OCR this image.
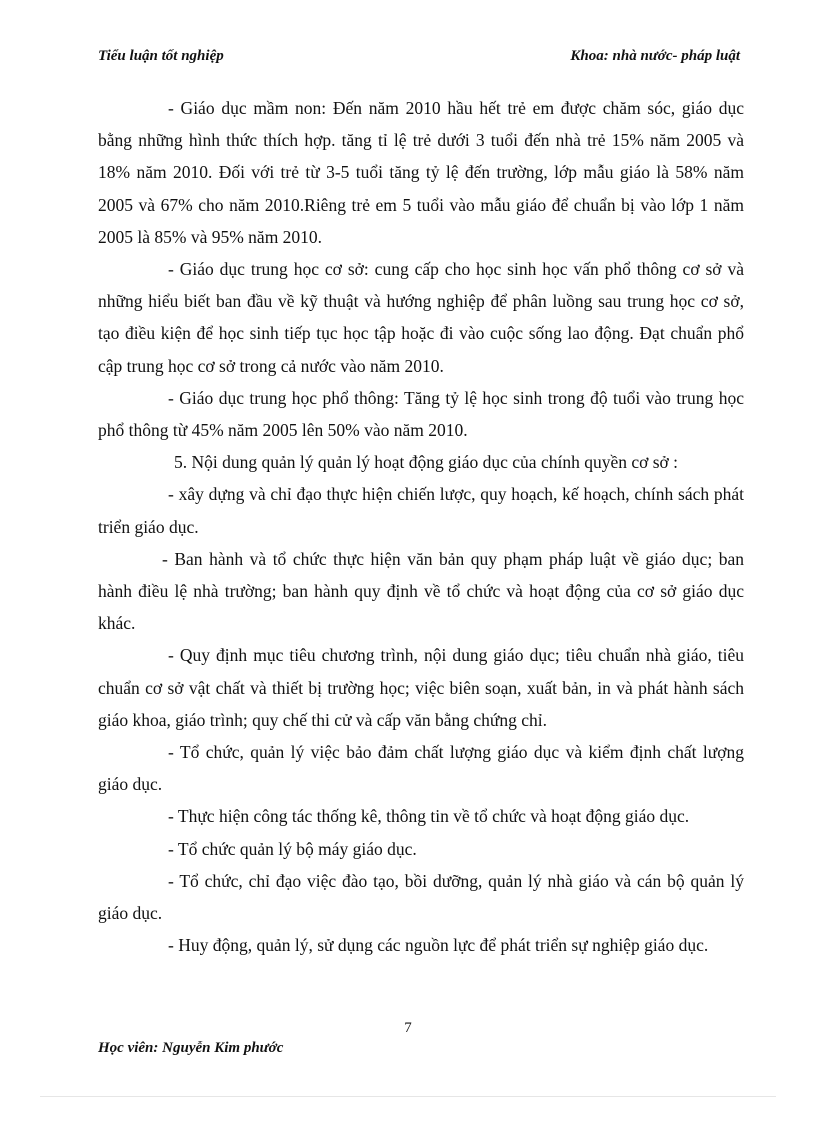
Tiểu luận tốt nghiệp	Khoa: nhà nước- pháp luật

- Giáo dục mầm non: Đến năm 2010 hầu hết trẻ em được chăm sóc, giáo dục bằng những hình thức thích hợp. tăng tỉ lệ trẻ dưới 3 tuổi đến nhà trẻ 15% năm 2005 và 18% năm 2010. Đối với trẻ từ 3-5 tuổi tăng tỷ lệ đến trường, lớp mẫu giáo là 58% năm 2005 và 67% cho năm 2010.Riêng trẻ em 5 tuổi vào mẫu giáo để chuẩn bị vào lớp 1 năm 2005 là 85% và 95% năm 2010.

- Giáo dục trung học cơ sở: cung cấp cho học sinh học vấn phổ thông cơ sở và những hiểu biết ban đầu về kỹ thuật và hướng nghiệp để phân luồng sau trung học cơ sở, tạo điều kiện để học sinh tiếp tục học tập hoặc đi vào cuộc sống lao động. Đạt chuẩn phổ cập trung học cơ sở trong cả nước vào năm 2010.

- Giáo dục trung học phổ thông: Tăng tỷ lệ học sinh trong độ tuổi vào trung học phổ thông từ 45% năm 2005 lên 50% vào năm 2010.

5. Nội dung quản lý quản lý hoạt động giáo dục của chính quyền cơ sở :

- xây dựng và chỉ đạo thực hiện chiến lược, quy hoạch, kế hoạch, chính sách phát triển giáo dục.

- Ban hành và tổ chức thực hiện văn bản quy phạm pháp luật về giáo dục; ban hành điều lệ nhà trường; ban hành quy định về tổ chức và hoạt động của cơ sở giáo dục khác.

- Quy định mục tiêu chương trình, nội dung giáo dục; tiêu chuẩn nhà giáo, tiêu chuẩn cơ sở vật chất và thiết bị trường học; việc biên soạn, xuất bản, in và phát hành sách giáo khoa, giáo trình; quy chế thi cử và cấp văn bằng chứng chỉ.

- Tổ chức, quản lý việc bảo đảm chất lượng giáo dục và kiểm định chất lượng giáo dục.

- Thực hiện công tác thống kê, thông tin về tổ chức và hoạt động giáo dục.

- Tổ chức quản lý bộ máy giáo dục.

- Tổ chức, chỉ đạo việc đào tạo, bồi dưỡng, quản lý nhà giáo và cán bộ quản lý giáo dục.

- Huy động, quản lý, sử dụng các nguồn lực để phát triển sự nghiệp giáo dục.

7
Học viên: Nguyễn Kim phước
